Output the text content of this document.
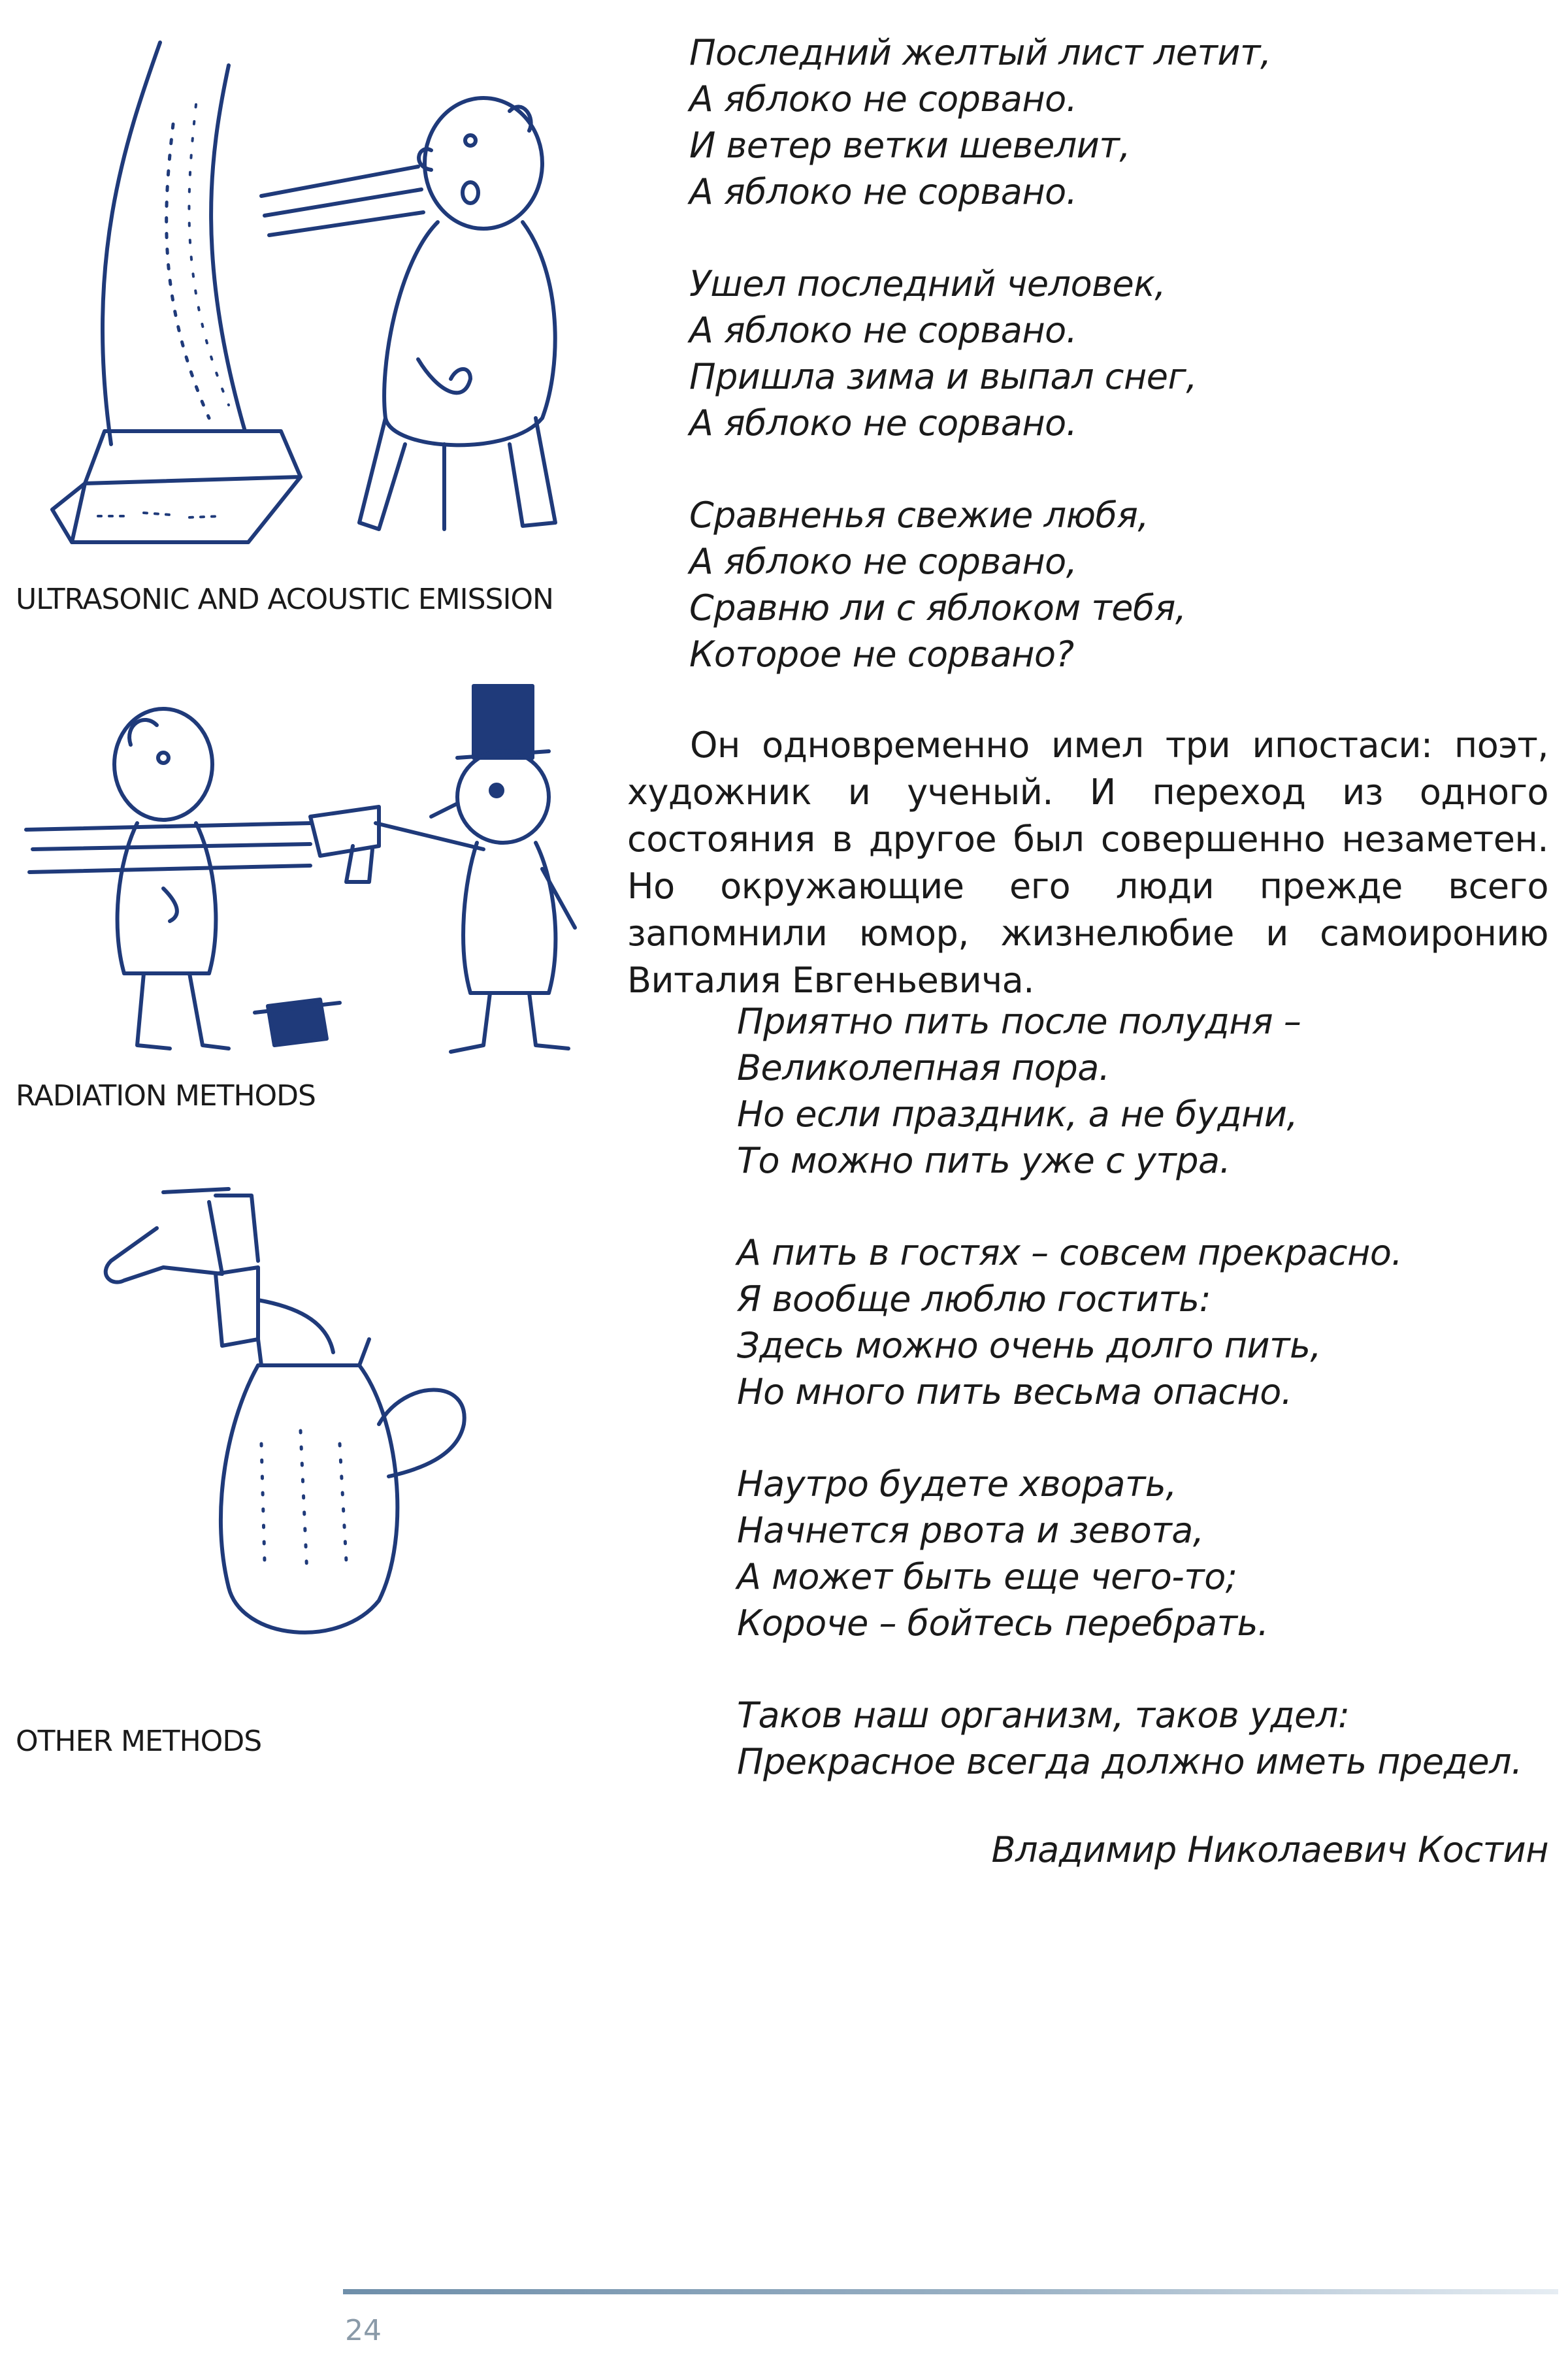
ULTRASONIC AND ACOUSTIC EMISSION
RADIATION METHODS
OTHER METHODS
Последний желтый лист летит,
А яблоко не сорвано.
И ветер ветки шевелит,
А яблоко не сорвано.
Ушел последний человек,
А яблоко не сорвано.
Пришла зима и выпал снег,
А яблоко не сорвано.
Сравненья свежие любя,
А яблоко не сорвано,
Сравню ли с яблоком тебя,
Которое не сорвано?

Он одновременно имел три ипостаси: поэт, художник и ученый. И переход из одного состояния в другое был совершенно незаметен. Но окружающие его люди прежде всего запомнили юмор, жизнелюбие и самоиронию Виталия Евгеньевича.

Приятно пить после полудня –
Великолепная пора.
Но если праздник, а не будни,
То можно пить уже с утра.
А пить в гостях – совсем прекрасно.
Я вообще люблю гостить:
Здесь можно очень долго пить,
Но много пить весьма опасно.
Наутро будете хворать,
Начнется рвота и зевота,
А может быть еще чего-то;
Короче – бойтесь перебрать.
Таков наш организм, таков удел:
Прекрасное всегда должно иметь предел.
Владимир Николаевич Костин
24
